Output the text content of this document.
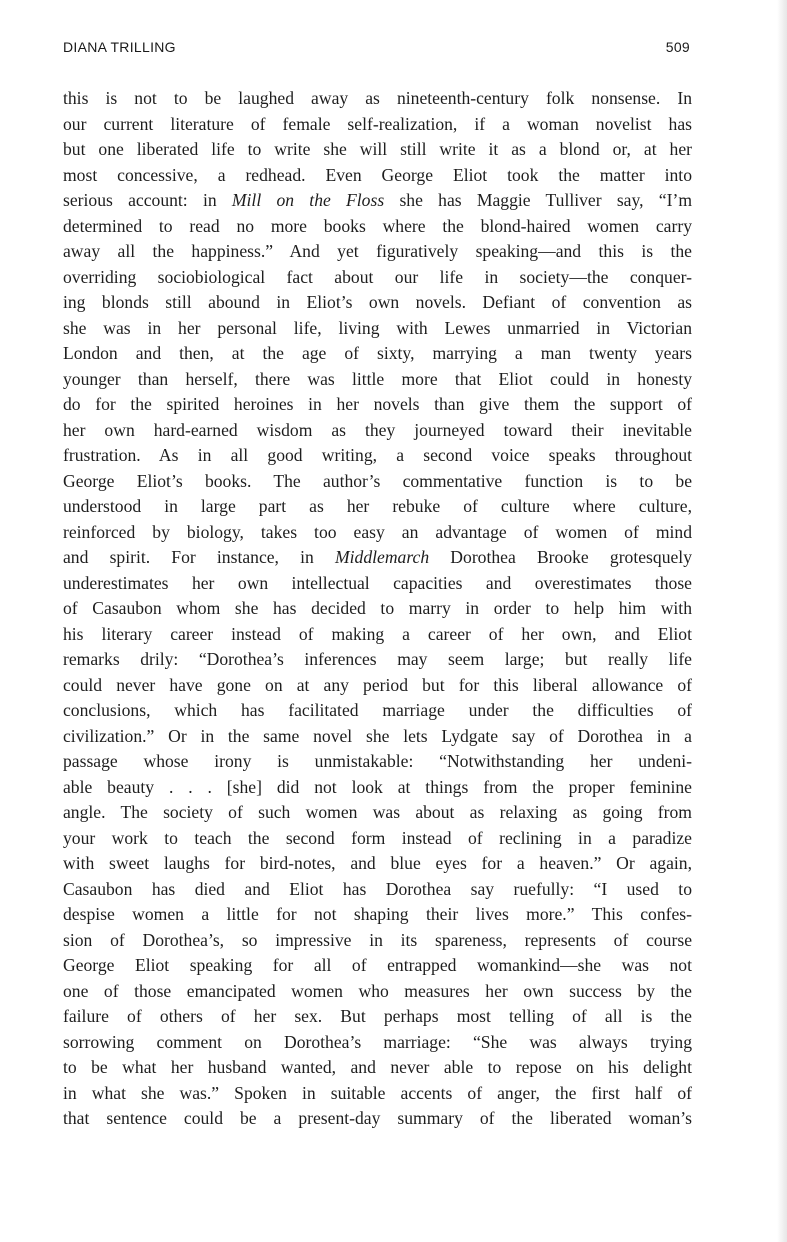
DIANA TRILLING	509
this is not to be laughed away as nineteenth-century folk nonsense. In
our current literature of female self-realization, if a woman novelist has
but one liberated life to write she will still write it as a blond or, at her
most concessive, a redhead. Even George Eliot took the matter into
serious account: in Mill on the Floss she has Maggie Tulliver say, “I’m
determined to read no more books where the blond-haired women carry
away all the happiness.” And yet figuratively speaking—and this is the
overriding sociobiological fact about our life in society—the conquer-
ing blonds still abound in Eliot’s own novels. Defiant of convention as
she was in her personal life, living with Lewes unmarried in Victorian
London and then, at the age of sixty, marrying a man twenty years
younger than herself, there was little more that Eliot could in honesty
do for the spirited heroines in her novels than give them the support of
her own hard-earned wisdom as they journeyed toward their inevitable
frustration. As in all good writing, a second voice speaks throughout
George Eliot’s books. The author’s commentative function is to be
understood in large part as her rebuke of culture where culture,
reinforced by biology, takes too easy an advantage of women of mind
and spirit. For instance, in Middlemarch Dorothea Brooke grotesquely
underestimates her own intellectual capacities and overestimates those
of Casaubon whom she has decided to marry in order to help him with
his literary career instead of making a career of her own, and Eliot
remarks drily: “Dorothea’s inferences may seem large; but really life
could never have gone on at any period but for this liberal allowance of
conclusions, which has facilitated marriage under the difficulties of
civilization.” Or in the same novel she lets Lydgate say of Dorothea in a
passage whose irony is unmistakable: “Notwithstanding her undeni-
able beauty . . . [she] did not look at things from the proper feminine
angle. The society of such women was about as relaxing as going from
your work to teach the second form instead of reclining in a paradize
with sweet laughs for bird-notes, and blue eyes for a heaven.” Or again,
Casaubon has died and Eliot has Dorothea say ruefully: “I used to
despise women a little for not shaping their lives more.” This confes-
sion of Dorothea’s, so impressive in its spareness, represents of course
George Eliot speaking for all of entrapped womankind—she was not
one of those emancipated women who measures her own success by the
failure of others of her sex. But perhaps most telling of all is the
sorrowing comment on Dorothea’s marriage: “She was always trying
to be what her husband wanted, and never able to repose on his delight
in what she was.” Spoken in suitable accents of anger, the first half of
that sentence could be a present-day summary of the liberated woman’s
